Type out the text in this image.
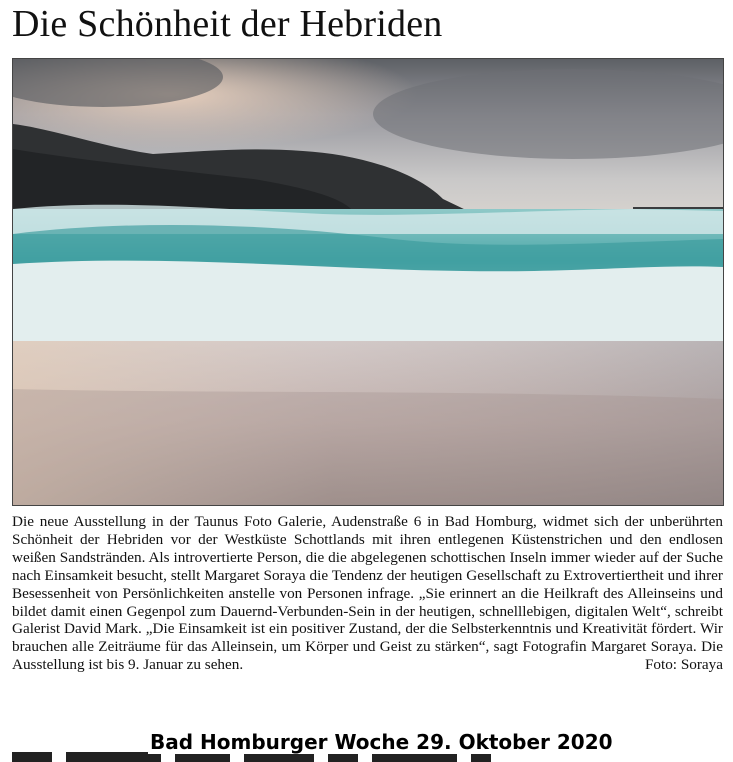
Die Schönheit der Hebriden
Die neue Ausstellung in der Taunus Foto Galerie, Audenstraße 6 in Bad Homburg, widmet sich der unberührten Schönheit der Hebriden vor der Westküste Schottlands mit ihren entlegenen Küstenstrichen und den endlosen weißen Sandstränden. Als introvertierte Person, die die abgelegenen schottischen Inseln immer wieder auf der Suche nach Einsamkeit besucht, stellt Margaret Soraya die Tendenz der heutigen Gesellschaft zu Extrovertiertheit und ihrer Besessenheit von Persönlichkeiten anstelle von Personen infrage. „Sie erinnert an die Heilkraft des Alleinseins und bildet damit einen Gegenpol zum Dauernd-Verbunden-Sein in der heutigen, schnelllebigen, digitalen Welt“, schreibt Galerist David Mark. „Die Einsamkeit ist ein positiver Zustand, der die Selbsterkenntnis und Kreativität fördert. Wir brauchen alle Zeiträume für das Alleinsein, um Körper und Geist zu stärken“, sagt Fotografin Margaret Soraya. Die Ausstellung ist bis 9. Januar zu sehen.	Foto: Soraya
Bad Homburger Woche 29. Oktober 2020
